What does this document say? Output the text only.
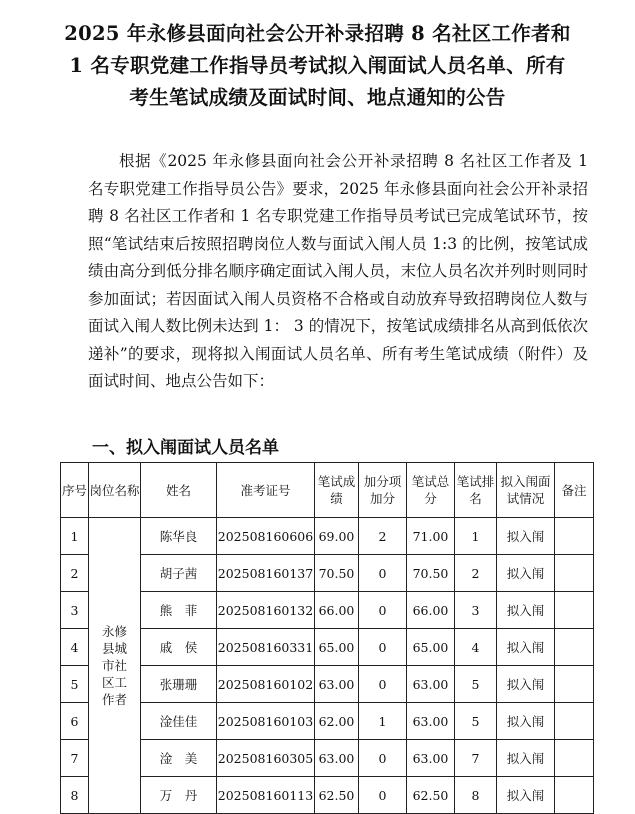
2025 年永修县面向社会公开补录招聘 8 名社区工作者和
1 名专职党建工作指导员考试拟入闱面试人员名单、所有
考生笔试成绩及面试时间、地点通知的公告

根据《2025 年永修县面向社会公开补录招聘 8 名社区工作者及 1 名专职党建工作指导员公告》要求，2025 年永修县面向社会公开补录招聘 8 名社区工作者和 1 名专职党建工作指导员考试已完成笔试环节，按照“笔试结束后按照招聘岗位人数与面试入闱人员 1:3 的比例，按笔试成绩由高分到低分排名顺序确定面试入闱人员，末位人员名次并列时则同时参加面试；若因面试入闱人员资格不合格或自动放弃导致招聘岗位人数与面试入闱人数比例未达到 1： 3 的情况下，按笔试成绩排名从高到低依次递补”的要求，现将拟入闱面试人员名单、所有考生笔试成绩（附件）及面试时间、地点公告如下：

一、拟入闱面试人员名单
序号	岗位名称	姓名	准考证号	笔试成绩	加分项加分	笔试总分	笔试排名	拟入闱面试情况	备注
1	永修县城市社区工作者	陈华良	202508160606	69.00	2	71.00	1	拟入闱	
2		胡子茜	202508160137	70.50	0	70.50	2	拟入闱	
3		熊　菲	202508160132	66.00	0	66.00	3	拟入闱	
4		戚　侯	202508160331	65.00	0	65.00	4	拟入闱	
5		张珊珊	202508160102	63.00	0	63.00	5	拟入闱	
6		淦佳佳	202508160103	62.00	1	63.00	5	拟入闱	
7		淦　美	202508160305	63.00	0	63.00	7	拟入闱	
8		万　丹	202508160113	62.50	0	62.50	8	拟入闱	
